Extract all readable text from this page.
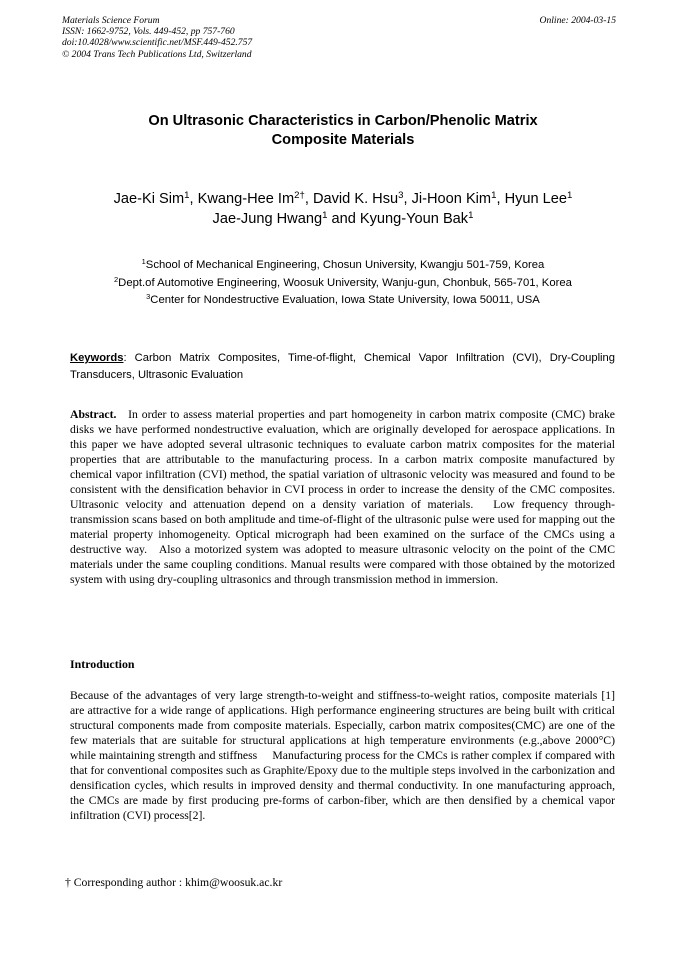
Materials Science Forum
ISSN: 1662-9752, Vols. 449-452, pp 757-760
doi:10.4028/www.scientific.net/MSF.449-452.757
© 2004 Trans Tech Publications Ltd, Switzerland
Online: 2004-03-15
On Ultrasonic Characteristics in Carbon/Phenolic Matrix
Composite Materials
Jae-Ki Sim$^1$, Kwang-Hee $Im^{2\dagger}$, David K. Hsu$^3$, Ji-Hoon Kim$^1$, Hyun Lee$^1$
Jae-Jung Hwang$^1$ and Kyung-Youn Bak$^1$
$^1$School of Mechanical Engineering, Chosun University, Kwangju 501-759, Korea
$^2$Dept.of Automotive Engineering, Woosuk University, Wanju-gun, Chonbuk, 565-701, Korea
$^3$Center for Nondestructive Evaluation, Iowa State University, Iowa 50011, USA
Keywords: Carbon Matrix Composites, Time-of-flight, Chemical Vapor Infiltration (CVI), Dry-Coupling Transducers, Ultrasonic Evaluation
Abstract.   In order to assess material properties and part homogeneity in carbon matrix composite (CMC) brake disks we have performed nondestructive evaluation, which are originally developed for aerospace applications. In this paper we have adopted several ultrasonic techniques to evaluate carbon matrix composites for the material properties that are attributable to the manufacturing process. In a carbon matrix composite manufactured by chemical vapor infiltration (CVI) method, the spatial variation of ultrasonic velocity was measured and found to be consistent with the densification behavior in CVI process in order to increase the density of the CMC composites. Ultrasonic velocity and attenuation depend on a density variation of materials.   Low frequency through-transmission scans based on both amplitude and time-of-flight of the ultrasonic pulse were used for mapping out the material property inhomogeneity. Optical micrograph had been examined on the surface of the CMCs using a destructive way.   Also a motorized system was adopted to measure ultrasonic velocity on the point of the CMC materials under the same coupling conditions. Manual results were compared with those obtained by the motorized system with using dry-coupling ultrasonics and through transmission method in immersion.
Introduction
Because of the advantages of very large strength-to-weight and stiffness-to-weight ratios, composite materials [1] are attractive for a wide range of applications. High performance engineering structures are being built with critical structural components made from composite materials. Especially, carbon matrix composites(CMC) are one of the few materials that are suitable for structural applications at high temperature environments (e.g.,above 2000°C) while maintaining strength and stiffness     Manufacturing process for the CMCs is rather complex if compared with that for conventional composites such as Graphite/Epoxy due to the multiple steps involved in the carbonization and densification cycles, which results in improved density and thermal conductivity. In one manufacturing approach, the CMCs are made by first producing pre-forms of carbon-fiber, which are then densified by a chemical vapor infiltration (CVI) process[2].
† Corresponding author : khim@woosuk.ac.kr
